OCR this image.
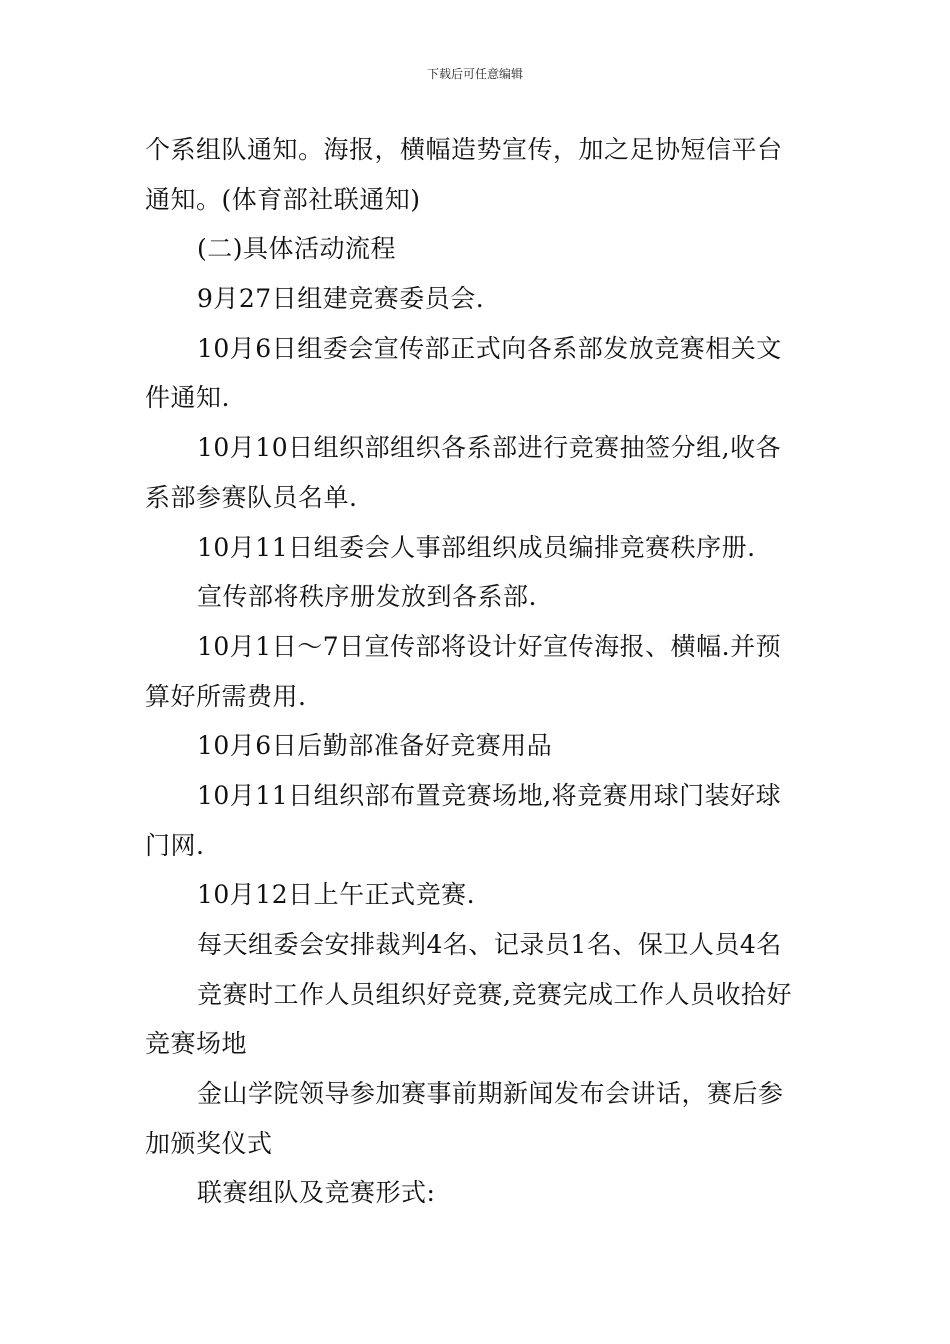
下载后可任意编辑
个系组队通知。海报，横幅造势宣传，加之足协短信平台
通知。(体育部社联通知)
(二)具体活动流程
9月27日组建竞赛委员会.
10月6日组委会宣传部正式向各系部发放竞赛相关文
件通知.
10月10日组织部组织各系部进行竞赛抽签分组,收各
系部参赛队员名单.
10月11日组委会人事部组织成员编排竞赛秩序册.
宣传部将秩序册发放到各系部.
10月1日～7日宣传部将设计好宣传海报、横幅.并预
算好所需费用.
10月6日后勤部准备好竞赛用品
10月11日组织部布置竞赛场地,将竞赛用球门装好球
门网.
10月12日上午正式竞赛.
每天组委会安排裁判4名、记录员1名、保卫人员4名
竞赛时工作人员组织好竞赛,竞赛完成工作人员收拾好
竞赛场地
金山学院领导参加赛事前期新闻发布会讲话，赛后参
加颁奖仪式
联赛组队及竞赛形式:
